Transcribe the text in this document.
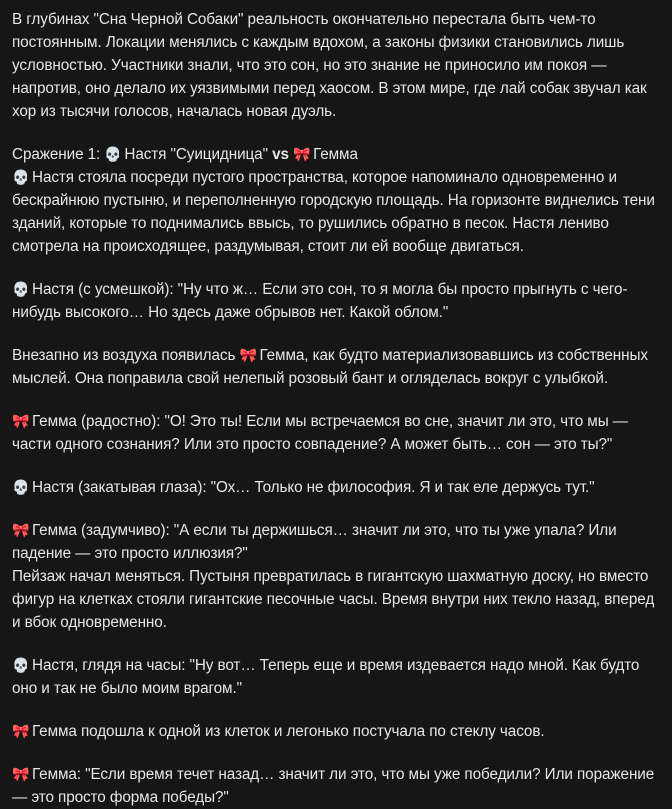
В глубинах "Сна Черной Собаки" реальность окончательно перестала быть чем-то постоянным. Локации менялись с каждым вдохом, а законы физики становились лишь условностью. Участники знали, что это сон, но это знание не приносило им покоя — напротив, оно делало их уязвимыми перед хаосом. В этом мире, где лай собак звучал как хор из тысячи голосов, началась новая дуэль.

Сражение 1: 💀 Настя "Суицидница" vs 🎀 Гемма

💀 Настя стояла посреди пустого пространства, которое напоминало одновременно и бескрайнюю пустыню, и переполненную городскую площадь. На горизонте виднелись тени зданий, которые то поднимались ввысь, то рушились обратно в песок. Настя лениво смотрела на происходящее, раздумывая, стоит ли ей вообще двигаться.

💀 Настя (с усмешкой): "Ну что ж… Если это сон, то я могла бы просто прыгнуть с чего-нибудь высокого… Но здесь даже обрывов нет. Какой облом."

Внезапно из воздуха появилась 🎀 Гемма, как будто материализовавшись из собственных мыслей. Она поправила свой нелепый розовый бант и огляделась вокруг с улыбкой.

🎀 Гемма (радостно): "О! Это ты! Если мы встречаемся во сне, значит ли это, что мы — части одного сознания? Или это просто совпадение? А может быть… сон — это ты?"

💀 Настя (закатывая глаза): "Ох… Только не философия. Я и так еле держусь тут."

🎀 Гемма (задумчиво): "А если ты держишься… значит ли это, что ты уже упала? Или падение — это просто иллюзия?"
Пейзаж начал меняться. Пустыня превратилась в гигантскую шахматную доску, но вместо фигур на клетках стояли гигантские песочные часы. Время внутри них текло назад, вперед и вбок одновременно.

💀 Настя, глядя на часы: "Ну вот… Теперь еще и время издевается надо мной. Как будто оно и так не было моим врагом."

🎀 Гемма подошла к одной из клеток и легонько постучала по стеклу часов.

🎀 Гемма: "Если время течет назад… значит ли это, что мы уже победили? Или поражение — это просто форма победы?"
